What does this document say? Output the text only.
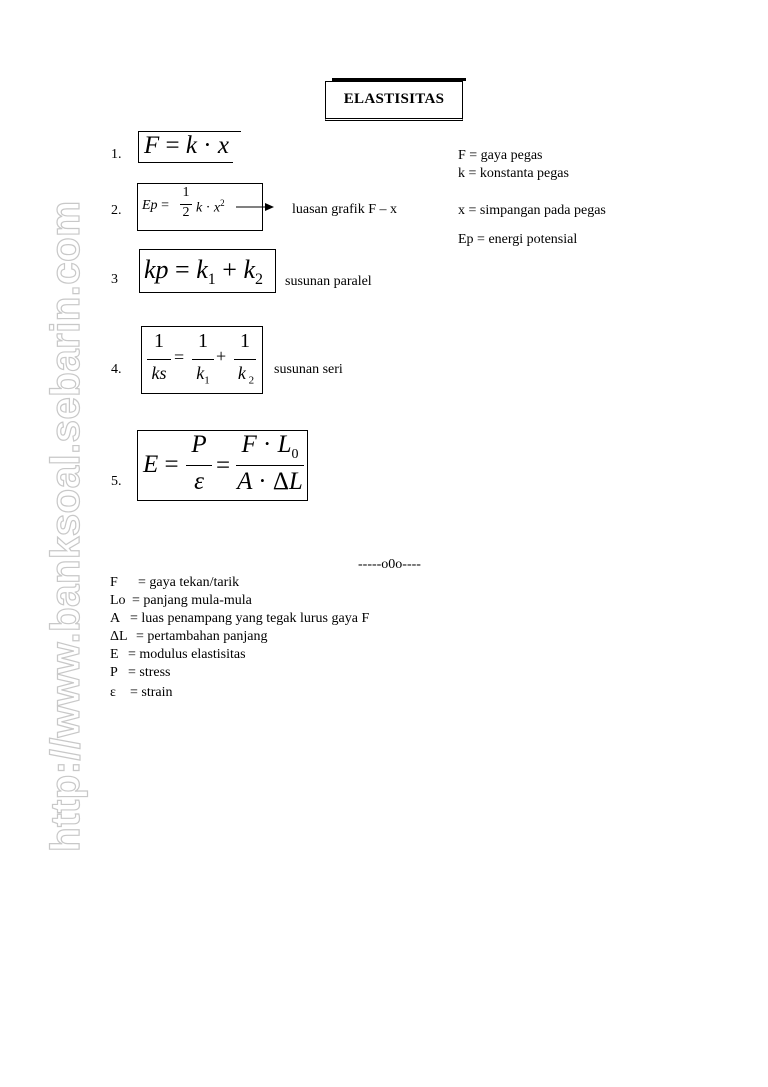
http://www.banksoal.sebarin.com
ELASTISITAS
1. F = k · x
2. Ep =
1
2 $k \cdot x^2$	luasan grafik F – x
3 kp = $k_1 + k_2$ susunan paralel
4.
1
ks
=
1
$k_1$
+
1
k $_2$
susunan seri
5.
E =
P
ε
=
$F \cdot L_0$
A · ΔL
F = gaya pegas
k = konstanta pegas
x = simpangan pada pegas
Ep = energi potensial
-----o0o----
F = gaya tekan/tarik
Lo = panjang mula-mula
A = luas penampang yang tegak lurus gaya F
ΔL = pertambahan panjang
E = modulus elastisitas
P = stress
ε = strain
